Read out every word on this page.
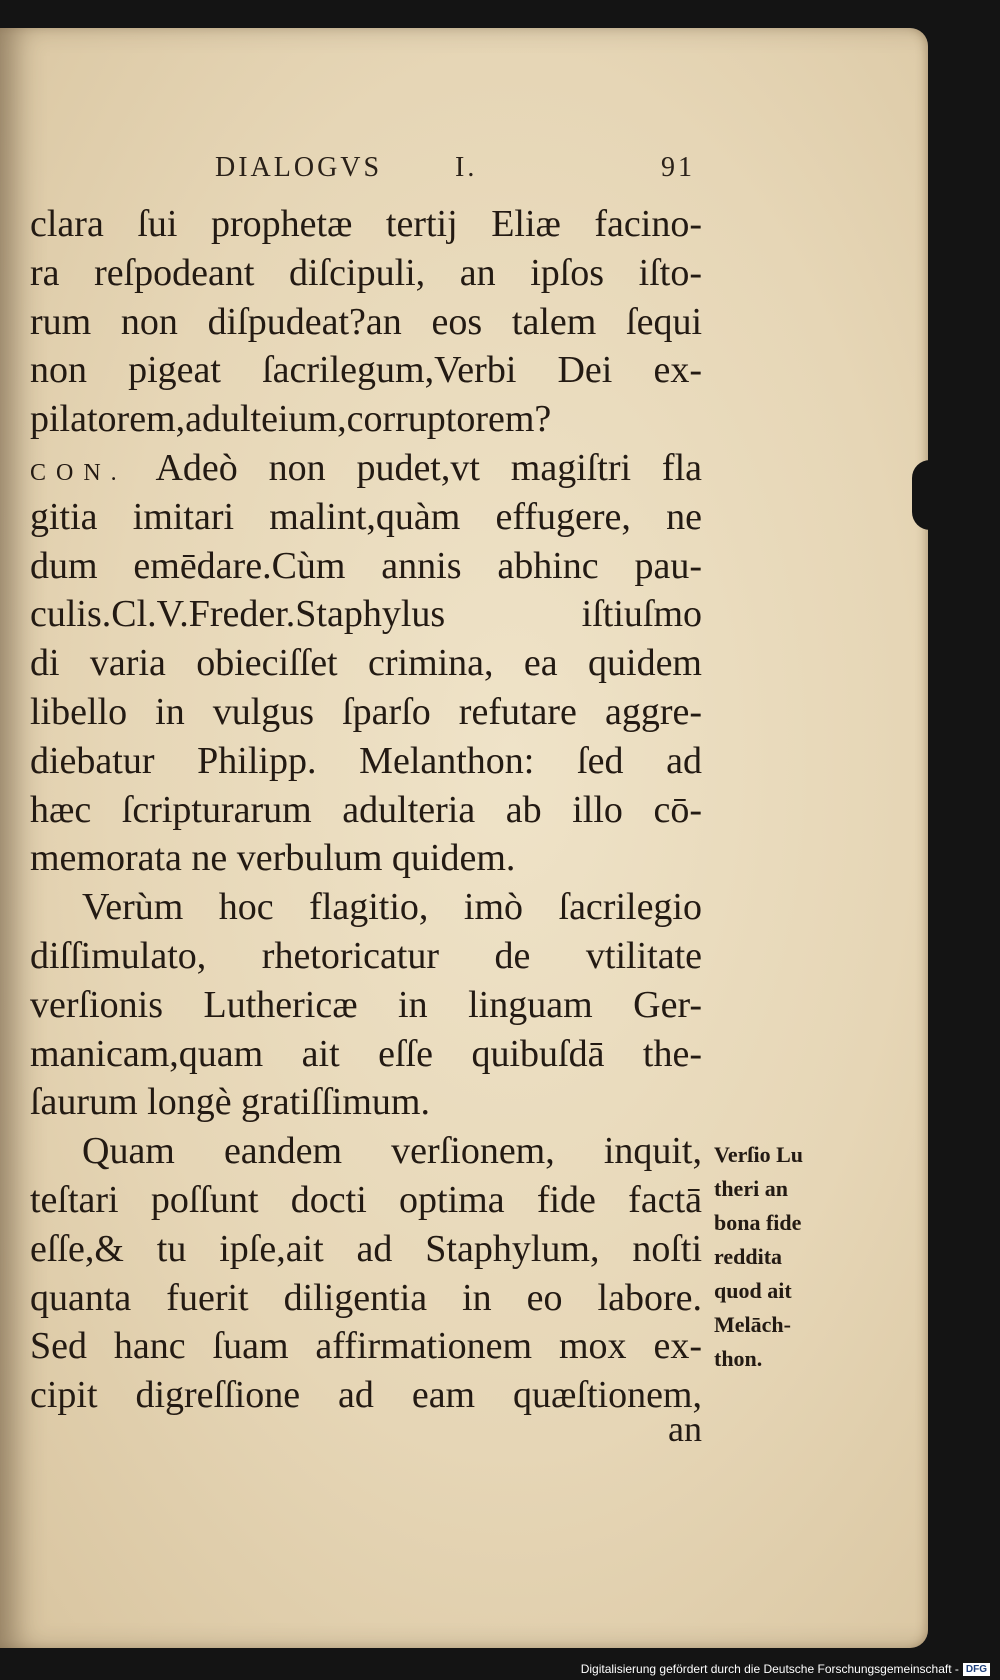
DIALOGVS	I.	91
clara ſui prophetæ tertij Eliæ facino-
ra reſpodeant diſcipuli, an ipſos iſto-
rum non diſpudeat?an eos talem ſequi
non pigeat ſacrilegum,Verbi Dei ex-
pilatorem,adulteium,corruptorem?
CON. Adeò non pudet,vt magiſtri fla
gitia imitari malint,quàm effugere, ne
dum emēdare.Cùm annis abhinc pau-
culis.Cl.V.Freder.Staphylus iſtiuſmo
di varia obieciſſet crimina, ea quidem
libello in vulgus ſparſo refutare aggre-
diebatur Philipp. Melanthon: ſed ad
hæc ſcripturarum adulteria ab illo cō-
memorata ne verbulum quidem.
Verùm hoc flagitio, imò ſacrilegio
diſſimulato, rhetoricatur de vtilitate
verſionis Luthericæ in linguam Ger-
manicam,quam ait eſſe quibuſdā the-
ſaurum longè gratiſſimum.
Quam eandem verſionem, inquit,
teſtari poſſunt docti optima fide factā
eſſe,& tu ipſe,ait ad Staphylum, noſti
quanta fuerit diligentia in eo labore.
Sed hanc ſuam affirmationem mox ex-
cipit digreſſione ad eam quæſtionem,
Verſio Lu
theri an
bona fide
reddita
quod ait
Melāch-
thon.
an
Digitalisierung gefördert durch die Deutsche Forschungsgemeinschaft - DFG
